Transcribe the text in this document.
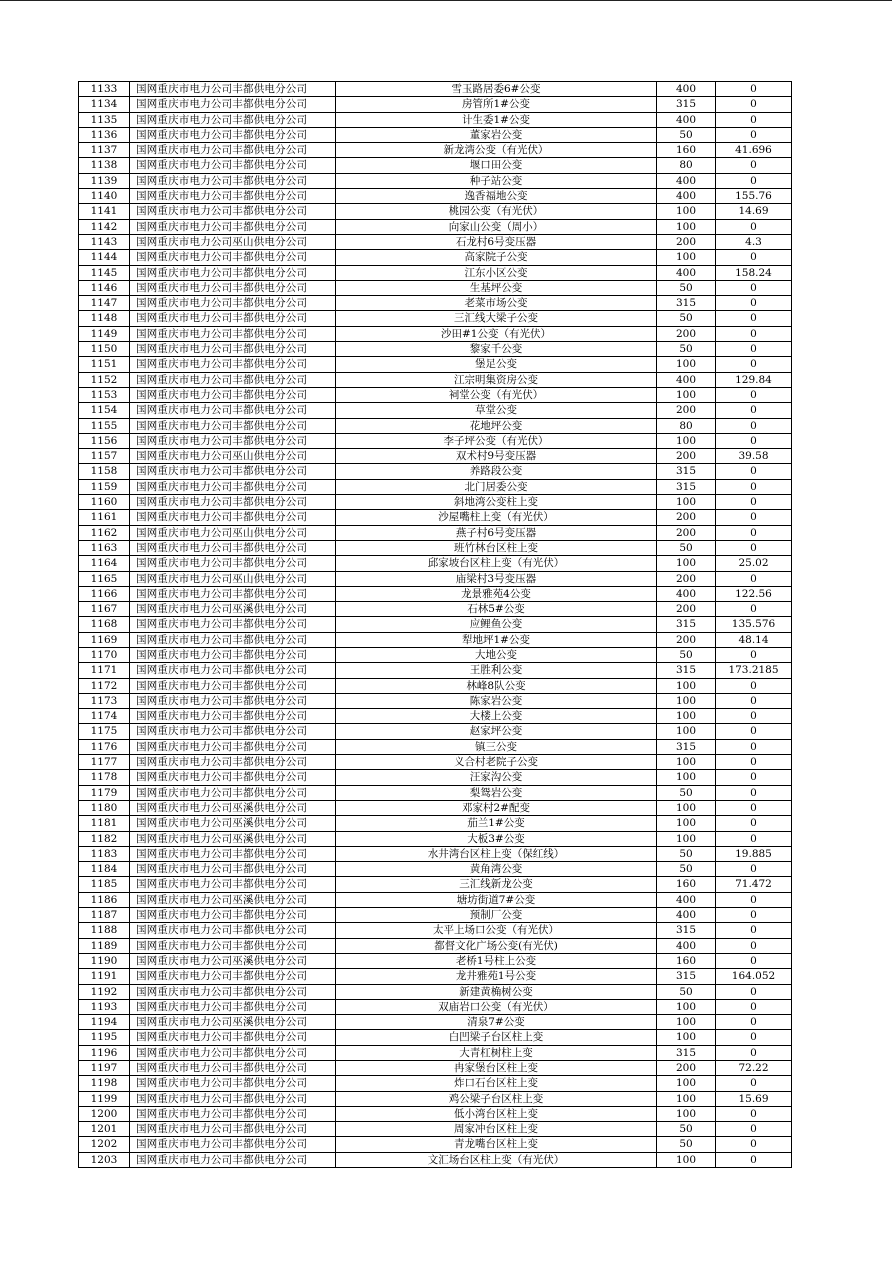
1133	国网重庆市电力公司丰都供电分公司	雪玉路居委6#公变	400	0
1134	国网重庆市电力公司丰都供电分公司	房管所1#公变	315	0
1135	国网重庆市电力公司丰都供电分公司	计生委1#公变	400	0
1136	国网重庆市电力公司丰都供电分公司	董家岩公变	50	0
1137	国网重庆市电力公司丰都供电分公司	新龙湾公变（有光伏）	160	41.696
1138	国网重庆市电力公司丰都供电分公司	堰口田公变	80	0
1139	国网重庆市电力公司丰都供电分公司	种子站公变	400	0
1140	国网重庆市电力公司丰都供电分公司	逸香福地公变	400	155.76
1141	国网重庆市电力公司丰都供电分公司	桃园公变（有光伏）	100	14.69
1142	国网重庆市电力公司丰都供电分公司	向家山公变（周小）	100	0
1143	国网重庆市电力公司巫山供电分公司	石龙村6号变压器	200	4.3
1144	国网重庆市电力公司丰都供电分公司	高家院子公变	100	0
1145	国网重庆市电力公司丰都供电分公司	江东小区公变	400	158.24
1146	国网重庆市电力公司丰都供电分公司	生基坪公变	50	0
1147	国网重庆市电力公司丰都供电分公司	老菜市场公变	315	0
1148	国网重庆市电力公司丰都供电分公司	三汇线大梁子公变	50	0
1149	国网重庆市电力公司丰都供电分公司	沙田#1公变（有光伏）	200	0
1150	国网重庆市电力公司丰都供电分公司	黎家千公变	50	0
1151	国网重庆市电力公司丰都供电分公司	堡足公变	100	0
1152	国网重庆市电力公司丰都供电分公司	江宗明集资房公变	400	129.84
1153	国网重庆市电力公司丰都供电分公司	祠堂公变（有光伏）	100	0
1154	国网重庆市电力公司丰都供电分公司	草堂公变	200	0
1155	国网重庆市电力公司丰都供电分公司	花地坪公变	80	0
1156	国网重庆市电力公司丰都供电分公司	李子坪公变（有光伏）	100	0
1157	国网重庆市电力公司巫山供电分公司	双术村9号变压器	200	39.58
1158	国网重庆市电力公司丰都供电分公司	养路段公变	315	0
1159	国网重庆市电力公司丰都供电分公司	北门居委公变	315	0
1160	国网重庆市电力公司丰都供电分公司	斜地湾公变柱上变	100	0
1161	国网重庆市电力公司丰都供电分公司	沙屋嘴柱上变（有光伏）	200	0
1162	国网重庆市电力公司巫山供电分公司	燕子村6号变压器	200	0
1163	国网重庆市电力公司丰都供电分公司	班竹林台区柱上变	50	0
1164	国网重庆市电力公司丰都供电分公司	邱家坡台区柱上变（有光伏）	100	25.02
1165	国网重庆市电力公司巫山供电分公司	庙梁村3号变压器	200	0
1166	国网重庆市电力公司丰都供电分公司	龙景雅苑4公变	400	122.56
1167	国网重庆市电力公司巫溪供电分公司	石林5#公变	200	0
1168	国网重庆市电力公司丰都供电分公司	应鲤鱼公变	315	135.576
1169	国网重庆市电力公司丰都供电分公司	犁地坪1#公变	200	48.14
1170	国网重庆市电力公司丰都供电分公司	大地公变	50	0
1171	国网重庆市电力公司丰都供电分公司	王胜利公变	315	173.2185
1172	国网重庆市电力公司丰都供电分公司	林峰8队公变	100	0
1173	国网重庆市电力公司丰都供电分公司	陈家岩公变	100	0
1174	国网重庆市电力公司丰都供电分公司	大楼上公变	100	0
1175	国网重庆市电力公司丰都供电分公司	赵家坪公变	100	0
1176	国网重庆市电力公司丰都供电分公司	镇三公变	315	0
1177	国网重庆市电力公司丰都供电分公司	义合村老院子公变	100	0
1178	国网重庆市电力公司丰都供电分公司	汪家沟公变	100	0
1179	国网重庆市电力公司丰都供电分公司	梨鸳岩公变	50	0
1180	国网重庆市电力公司巫溪供电分公司	邓家村2#配变	100	0
1181	国网重庆市电力公司巫溪供电分公司	茄兰1#公变	100	0
1182	国网重庆市电力公司巫溪供电分公司	大板3#公变	100	0
1183	国网重庆市电力公司丰都供电分公司	水井湾台区柱上变（保红线）	50	19.885
1184	国网重庆市电力公司丰都供电分公司	黄角湾公变	50	0
1185	国网重庆市电力公司丰都供电分公司	三汇线新龙公变	160	71.472
1186	国网重庆市电力公司巫溪供电分公司	塘坊街道7#公变	400	0
1187	国网重庆市电力公司丰都供电分公司	预制厂公变	400	0
1188	国网重庆市电力公司丰都供电分公司	太平上场口公变（有光伏）	315	0
1189	国网重庆市电力公司丰都供电分公司	都督文化广场公变(有光伏)	400	0
1190	国网重庆市电力公司巫溪供电分公司	老桥1号柱上公变	160	0
1191	国网重庆市电力公司丰都供电分公司	龙井雅苑1号公变	315	164.052
1192	国网重庆市电力公司丰都供电分公司	新建黄桷树公变	50	0
1193	国网重庆市电力公司丰都供电分公司	双庙岩口公变（有光伏）	100	0
1194	国网重庆市电力公司巫溪供电分公司	清泉7#公变	100	0
1195	国网重庆市电力公司丰都供电分公司	白凹梁子台区柱上变	100	0
1196	国网重庆市电力公司丰都供电分公司	大青杠树柱上变	315	0
1197	国网重庆市电力公司丰都供电分公司	冉家堡台区柱上变	200	72.22
1198	国网重庆市电力公司丰都供电分公司	炸口石台区柱上变	100	0
1199	国网重庆市电力公司丰都供电分公司	鸡公梁子台区柱上变	100	15.69
1200	国网重庆市电力公司丰都供电分公司	低小湾台区柱上变	100	0
1201	国网重庆市电力公司丰都供电分公司	周家冲台区柱上变	50	0
1202	国网重庆市电力公司丰都供电分公司	青龙嘴台区柱上变	50	0
1203	国网重庆市电力公司丰都供电分公司	文汇场台区柱上变（有光伏）	100	0
